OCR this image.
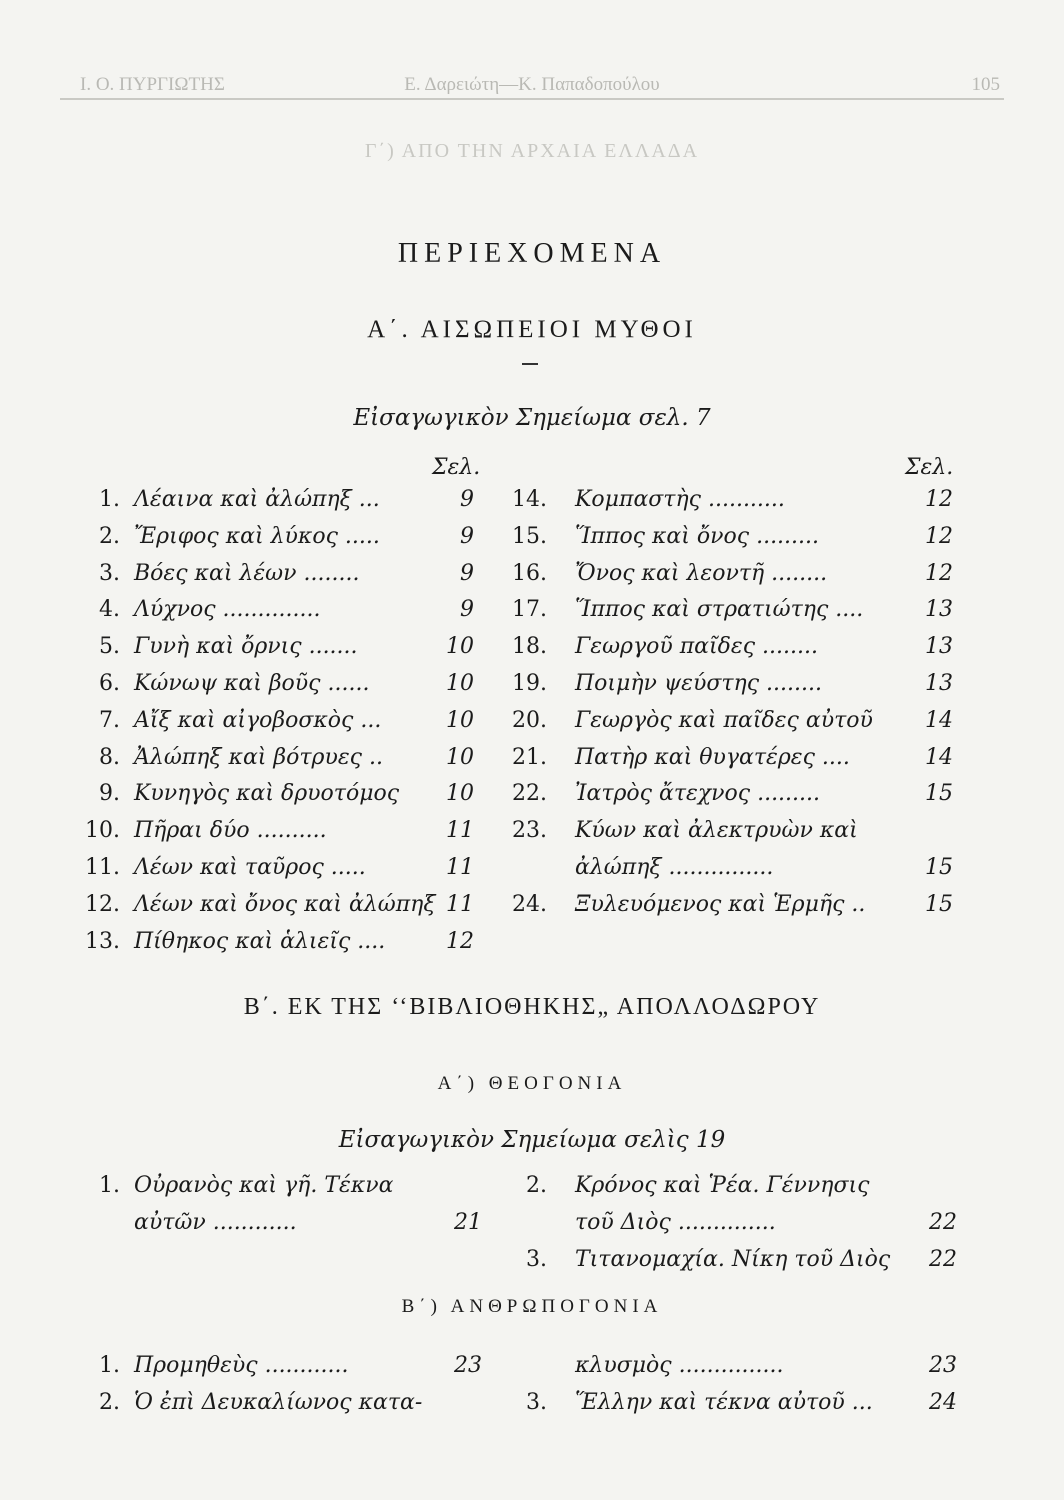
Ι. Ο. ΠΥΡΓΙΩΤΗΣ	Ε. Δαρειώτη—Κ. Παπαδοπούλου	105
Γ΄) ΑΠΟ ΤΗΝ ΑΡΧΑΙΑ ΕΛΛΑΔΑ
ΠΕΡΙΕΧΟΜΕΝΑ
Α΄. ΑΙΣΩΠΕΙΟΙ ΜΥΘΟΙ
Εἰσαγωγικὸν Σημείωμα σελ. 7
Σελ.	Σελ.
1. Λέαινα καὶ ἀλώπηξ ...	9
2. Ἔριφος καὶ λύκος .....	9
3. Βόες καὶ λέων ........	9
4. Λύχνος ..............	9
5. Γυνὴ καὶ ὄρνις .......	10
6. Κώνωψ καὶ βοῦς ......	10
7. Αἴξ καὶ αἰγοβοσκὸς ...	10
8. Ἀλώπηξ καὶ βότρυες ..	10
9. Κυνηγὸς καὶ δρυοτόμος 10
10. Πῆραι δύο ..........	11
11. Λέων καὶ ταῦρος .....	11
12. Λέων καὶ ὄνος καὶ ἀλώπηξ 11
13. Πίθηκος καὶ ἁλιεῖς ....	12
14. Κομπαστὴς ...........	12
15. Ἵππος καὶ ὄνος .........	12
16. Ὄνος καὶ λεοντῆ ........	12
17. Ἵππος καὶ στρατιώτης ....	13
18. Γεωργοῦ παῖδες ........	13
19. Ποιμὴν ψεύστης ........	13
20. Γεωργὸς καὶ παῖδες αὐτοῦ 14
21. Πατὴρ καὶ θυγατέρες ....	14
22. Ἰατρὸς ἄτεχνος .........	15
23. Κύων καὶ ἀλεκτρυὼν καὶ
ἀλώπηξ ...............	15
24. Ξυλευόμενος καὶ Ἑρμῆς ..	15
Β΄. ΕΚ ΤΗΣ ‘‘ΒΙΒΛΙΟΘΗΚΗΣ„ ΑΠΟΛΛΟΔΩΡΟΥ
Α΄) ΘΕΟΓΟΝΙΑ
Εἰσαγωγικὸν Σημείωμα σελὶς 19
1. Οὐρανὸς καὶ γῆ. Τέκνα
αὐτῶν ............	21
2. Κρόνος καὶ Ῥέα. Γέννησις
τοῦ Διὸς ..............	22
3. Τιτανομαχία. Νίκη τοῦ Διὸς 22
Β΄) ΑΝΘΡΩΠΟΓΟΝΙΑ
1. Προμηθεὺς ............	23
2. Ὁ ἐπὶ Δευκαλίωνος κατα-
κλυσμὸς ...............	23
3. Ἕλλην καὶ τέκνα αὐτοῦ ...	24
